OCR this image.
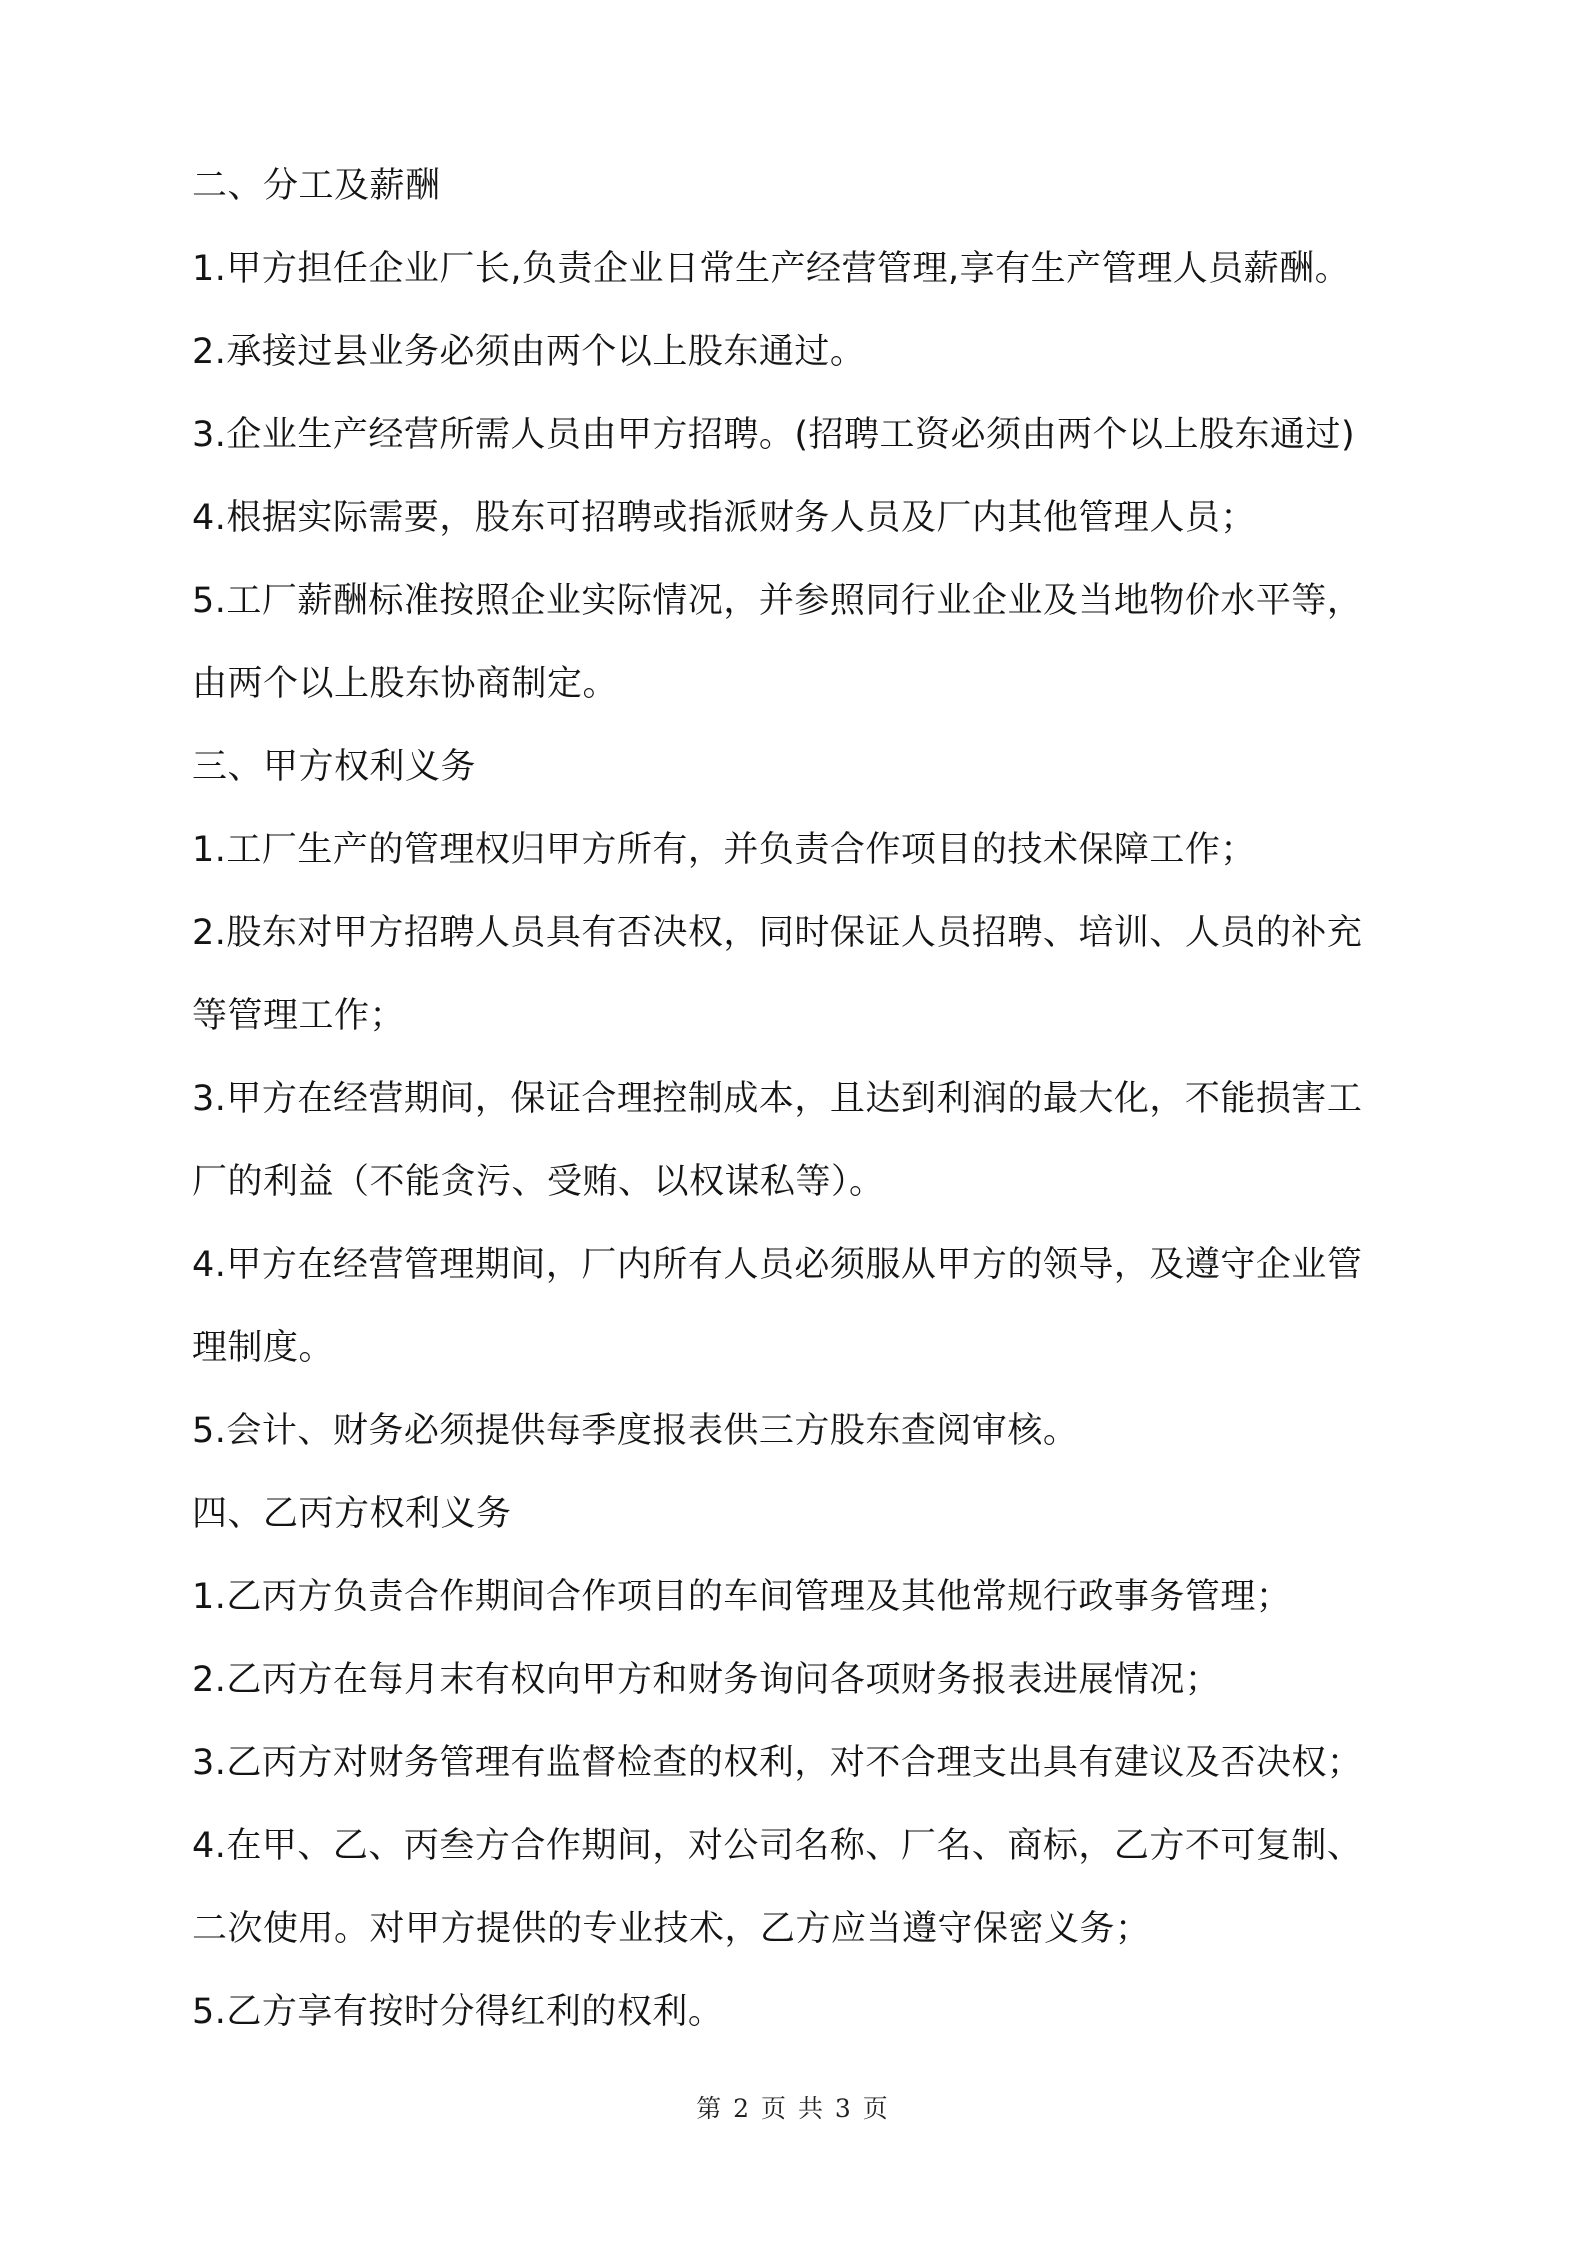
二、分工及薪酬
1.甲方担任企业厂长,负责企业日常生产经营管理,享有生产管理人员薪酬。
2.承接过县业务必须由两个以上股东通过。
3.企业生产经营所需人员由甲方招聘。(招聘工资必须由两个以上股东通过)
4.根据实际需要，股东可招聘或指派财务人员及厂内其他管理人员；
5.工厂薪酬标准按照企业实际情况，并参照同行业企业及当地物价水平等，
由两个以上股东协商制定。
三、甲方权利义务
1.工厂生产的管理权归甲方所有，并负责合作项目的技术保障工作；
2.股东对甲方招聘人员具有否决权，同时保证人员招聘、培训、人员的补充
等管理工作；
3.甲方在经营期间，保证合理控制成本，且达到利润的最大化，不能损害工
厂的利益（不能贪污、受贿、以权谋私等）。
4.甲方在经营管理期间，厂内所有人员必须服从甲方的领导，及遵守企业管
理制度。
5.会计、财务必须提供每季度报表供三方股东查阅审核。
四、乙丙方权利义务
1.乙丙方负责合作期间合作项目的车间管理及其他常规行政事务管理；
2.乙丙方在每月末有权向甲方和财务询问各项财务报表进展情况；
3.乙丙方对财务管理有监督检查的权利，对不合理支出具有建议及否决权；
4.在甲、乙、丙叁方合作期间，对公司名称、厂名、商标，乙方不可复制、
二次使用。对甲方提供的专业技术，乙方应当遵守保密义务；
5.乙方享有按时分得红利的权利。
第 2 页 共 3 页
